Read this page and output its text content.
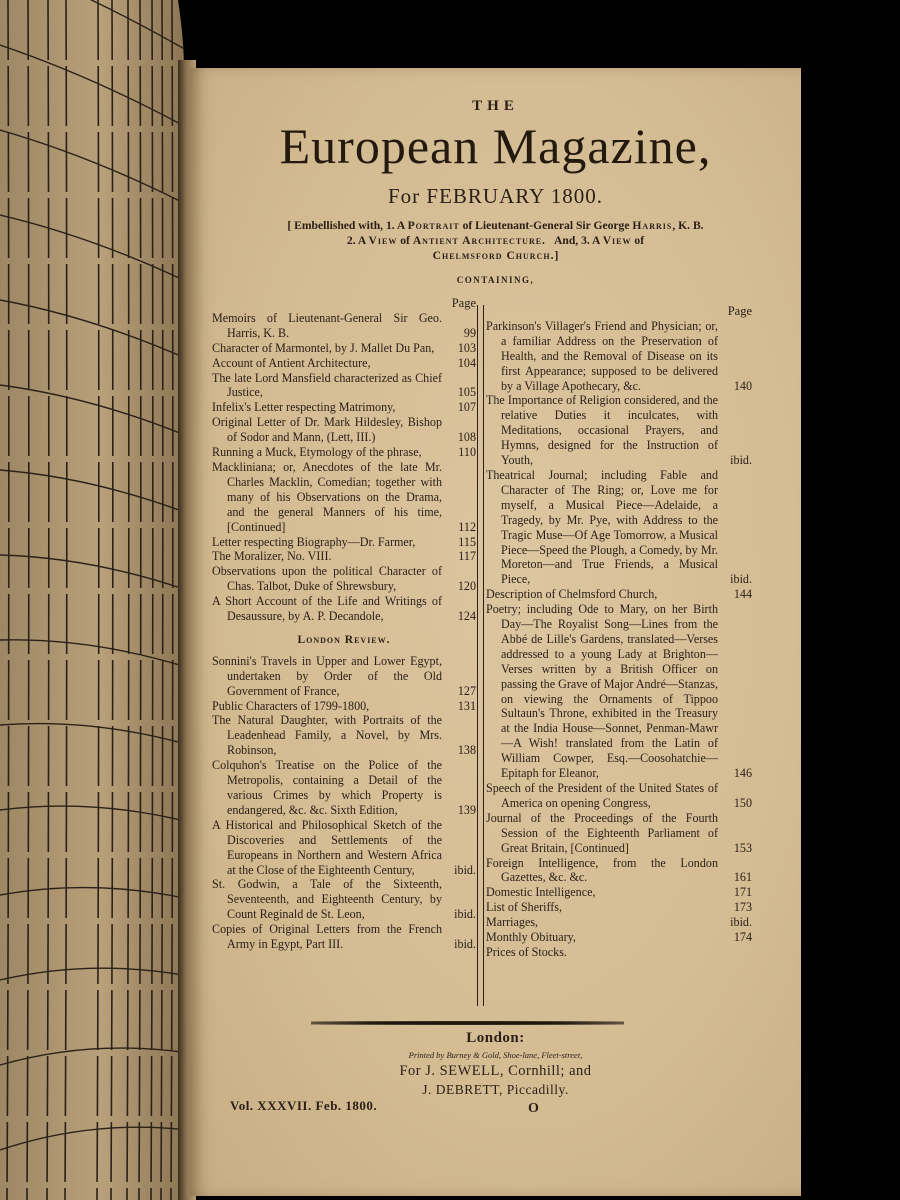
THE
European Magazine,
For FEBRUARY 1800.
[ Embellished with, 1. A Portrait of Lieutenant-General Sir George Harris, K. B.
2. A View of Antient Architecture.   And, 3. A View of
Chelmsford Church.]
CONTAINING,
Page
Memoirs of Lieutenant-General Sir Geo. Harris, K. B.	99
Character of Marmontel, by J. Mallet Du Pan, 103
Account of Antient Architecture,	104
The late Lord Mansfield characterized as Chief Justice,	105
Infelix's Letter respecting Matrimony,	107
Original Letter of Dr. Mark Hildesley, Bishop of Sodor and Mann, (Lett, III.)	108
Running a Muck, Etymology of the phrase,	110
Mackliniana; or, Anecdotes of the late Mr. Charles Macklin, Comedian; together with many of his Observations on the Drama, and the general Manners of his time, [Continued]	112
Letter respecting Biography—Dr. Farmer,	115
The Moralizer, No. VIII.	117
Observations upon the political Character of Chas. Talbot, Duke of Shrewsbury,	120
A Short Account of the Life and Writings of Desaussure, by A. P. Decandole,	124
London Review.
Sonnini's Travels in Upper and Lower Egypt, undertaken by Order of the Old Government of France,	127
Public Characters of 1799-1800,	131
The Natural Daughter, with Portraits of the Leadenhead Family, a Novel, by Mrs. Robinson,	138
Colquhon's Treatise on the Police of the Metropolis, containing a Detail of the various Crimes by which Property is endangered, &c. &c. Sixth Edition,	139
A Historical and Philosophical Sketch of the Discoveries and Settlements of the Europeans in Northern and Western Africa at the Close of the Eighteenth Century,	ibid.
St. Godwin, a Tale of the Sixteenth, Seventeenth, and Eighteenth Century, by Count Reginald de St. Leon,	ibid.
Copies of Original Letters from the French Army in Egypt, Part III.	ibid.
Page
Parkinson's Villager's Friend and Physician; or, a familiar Address on the Preservation of Health, and the Removal of Disease on its first Appearance; supposed to be delivered by a Village Apothecary, &c.	140
The Importance of Religion considered, and the relative Duties it inculcates, with Meditations, occasional Prayers, and Hymns, designed for the Instruction of Youth,	ibid.
Theatrical Journal; including Fable and Character of The Ring; or, Love me for myself, a Musical Piece—Adelaide, a Tragedy, by Mr. Pye, with Address to the Tragic Muse—Of Age Tomorrow, a Musical Piece—Speed the Plough, a Comedy, by Mr. Moreton—and True Friends, a Musical Piece,	ibid.
Description of Chelmsford Church,	144
Poetry; including Ode to Mary, on her Birth Day—The Royalist Song—Lines from the Abbé de Lille's Gardens, translated—Verses addressed to a young Lady at Brighton—Verses written by a British Officer on passing the Grave of Major André—Stanzas, on viewing the Ornaments of Tippoo Sultaun's Throne, exhibited in the Treasury at the India House—Sonnet, Penman-Mawr—A Wish! translated from the Latin of William Cowper, Esq.—Coosohatchie—Epitaph for Eleanor,	146
Speech of the President of the United States of America on opening Congress,	150
Journal of the Proceedings of the Fourth Session of the Eighteenth Parliament of Great Britain, [Continued]	153
Foreign Intelligence, from the London Gazettes, &c. &c.	161
Domestic Intelligence,	171
List of Sheriffs,	173
Marriages,	ibid.
Monthly Obituary,	174
Prices of Stocks.
London:
Printed by Burney & Gold, Shoe-lane, Fleet-street,
For J. SEWELL, Cornhill; and
J. DEBRETT, Piccadilly.
Vol. XXXVII. Feb. 1800.	O
